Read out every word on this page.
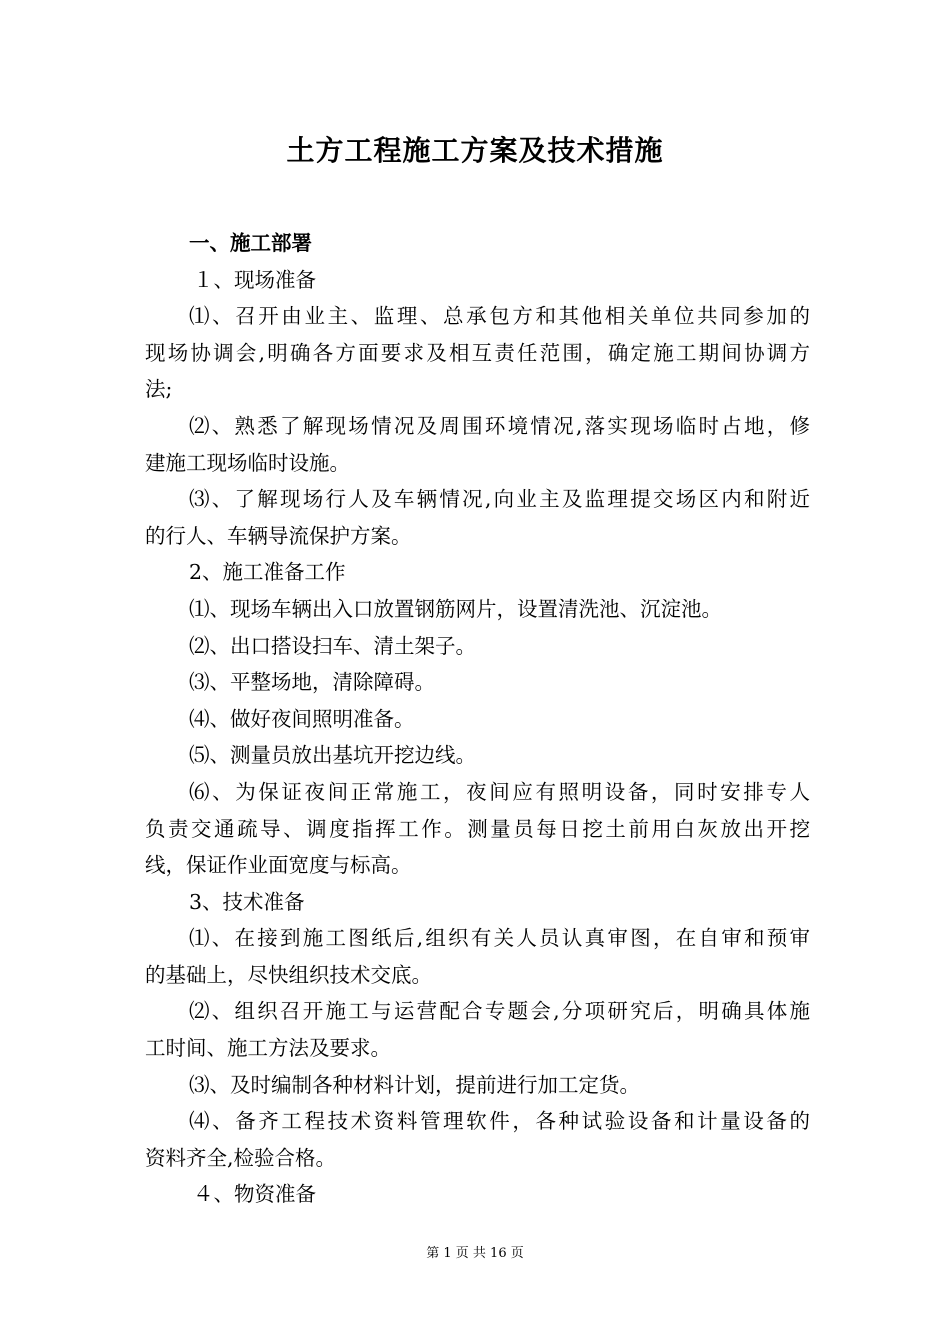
土方工程施工方案及技术措施
一、施工部署
１、现场准备
⑴、召开由业主、监理、总承包方和其他相关单位共同参加的
现场协调会,明确各方面要求及相互责任范围，确定施工期间协调方
法;
⑵、熟悉了解现场情况及周围环境情况,落实现场临时占地，修
建施工现场临时设施。
⑶、了解现场行人及车辆情况,向业主及监理提交场区内和附近
的行人、车辆导流保护方案。
2、施工准备工作
⑴、现场车辆出入口放置钢筋网片，设置清洗池、沉淀池。
⑵、出口搭设扫车、清土架子。
⑶、平整场地，清除障碍。
⑷、做好夜间照明准备。
⑸、测量员放出基坑开挖边线。
⑹、为保证夜间正常施工，夜间应有照明设备，同时安排专人
负责交通疏导、调度指挥工作。测量员每日挖土前用白灰放出开挖
线，保证作业面宽度与标高。
3、技术准备
⑴、在接到施工图纸后,组织有关人员认真审图，在自审和预审
的基础上，尽快组织技术交底。
⑵、组织召开施工与运营配合专题会,分项研究后，明确具体施
工时间、施工方法及要求。
⑶、及时编制各种材料计划，提前进行加工定货。
⑷、备齐工程技术资料管理软件，各种试验设备和计量设备的
资料齐全,检验合格。
４、物资准备
第 1 页 共 16 页
